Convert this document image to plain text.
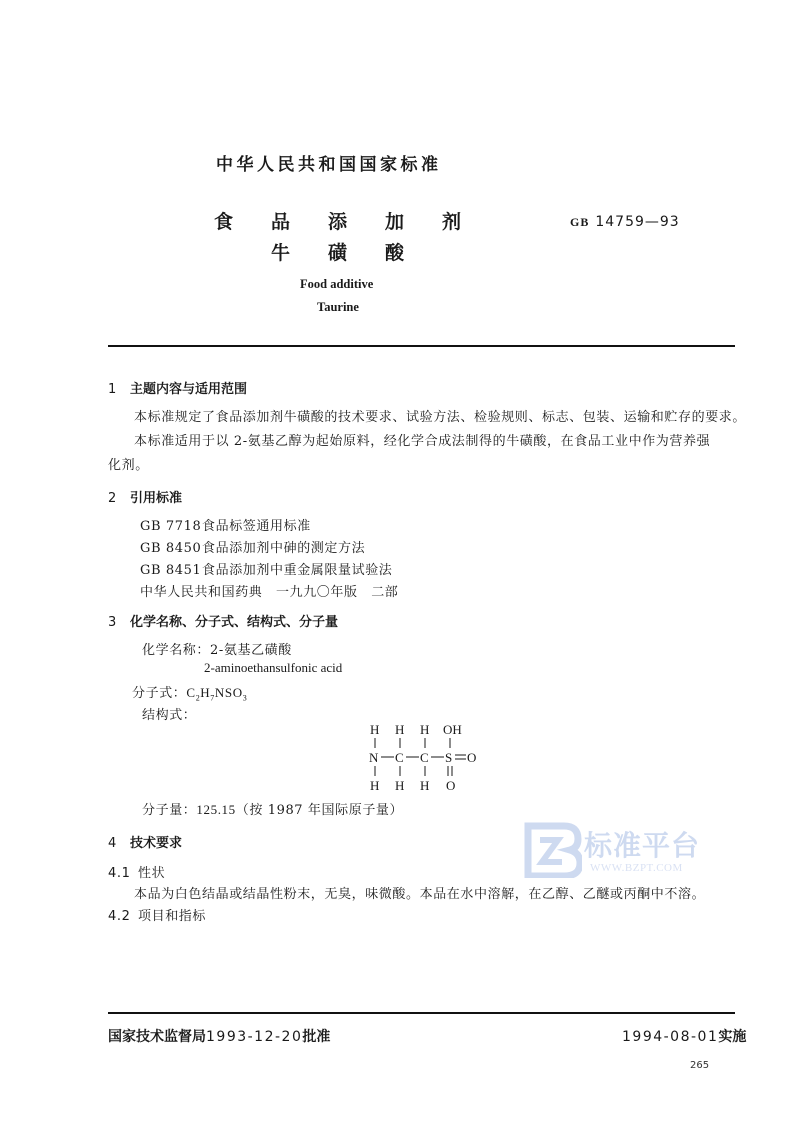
中华人民共和国国家标准
食	品	添	加	剂
牛	磺	酸
GB 14759—93
Food additive
Taurine
1 主题内容与适用范围
本标准规定了食品添加剂牛磺酸的技术要求、试验方法、检验规则、标志、包装、运输和贮存的要求。
本标准适用于以 2-氨基乙醇为起始原料，经化学合成法制得的牛磺酸，在食品工业中作为营养强
化剂。
2 引用标准
GB 7718食品标签通用标准
GB 8450食品添加剂中砷的测定方法
GB 8451食品添加剂中重金属限量试验法
中华人民共和国药典　一九九〇年版　二部
3 化学名称、分子式、结构式、分子量
化学名称：2-氨基乙磺酸
2-aminoethansulfonic acid
分子式：$C_2H_7NSO_3$
结构式：
H H H OH
N C C S O
H H H O
分子量：125.15（按 1987 年国际原子量）
4 技术要求
4.1 性状
本品为白色结晶或结晶性粉末，无臭，味微酸。本品在水中溶解，在乙醇、乙醚或丙酮中不溶。
4.2 项目和指标
标准平台
WWW.BZPT.COM
国家技术监督局1993-12-20批准	1994-08-01实施
265
